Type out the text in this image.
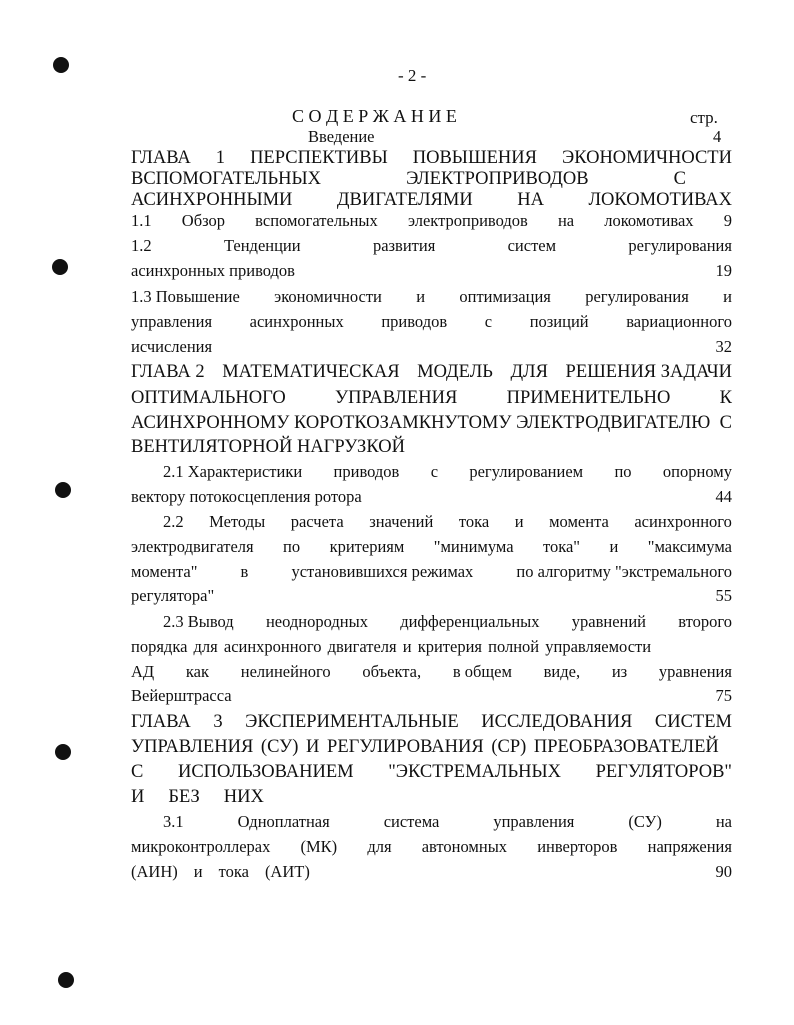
- 2 -
С О Д Е Р Ж А Н И Е	стр.
Введение	4
ГЛАВА 1 ПЕРСПЕКТИВЫ ПОВЫШЕНИЯ ЭКОНОМИЧНОСТИ
ВСПОМОГАТЕЛЬНЫХ	ЭЛЕКТРОПРИВОДОВ	С
АСИНХРОННЫМИ ДВИГАТЕЛЯМИ НА ЛОКОМОТИВАХ
1.1 Обзор вспомогательных электроприводов на локомотивах 9
1.2	Тенденции	развития	систем	регулирования
асинхронных приводов	19
1.3 Повышение экономичности и оптимизация регулирования и
управления асинхронных приводов с позиций вариационного
исчисления	32
ГЛАВА 2 МАТЕМАТИЧЕСКАЯ МОДЕЛЬ ДЛЯ РЕШЕНИЯ ЗАДАЧИ
ОПТИМАЛЬНОГО	УПРАВЛЕНИЯ	ПРИМЕНИТЕЛЬНО	К
АСИНХРОННОМУ КОРОТКОЗАМКНУТОМУ ЭЛЕКТРОДВИГАТЕЛЮ С
ВЕНТИЛЯТОРНОЙ НАГРУЗКОЙ
2.1 Характеристики приводов с регулированием по опорному
вектору потокосцепления ротора	44
2.2 Методы расчета значений тока и момента асинхронного
электродвигателя по критериям "минимума тока" и "максимума
момента"	в	установившихся режимах	по алгоритму "экстремального
регулятора"	55
2.3 Вывод неоднородных дифференциальных уравнений второго
порядка для асинхронного двигателя и критерия полной управляемости
АД как нелинейного объекта, в общем виде, из уравнения
Вейерштрасса	75
ГЛАВА 3 ЭКСПЕРИМЕНТАЛЬНЫЕ ИССЛЕДОВАНИЯ СИСТЕМ
УПРАВЛЕНИЯ (СУ) И РЕГУЛИРОВАНИЯ (СР) ПРЕОБРАЗОВАТЕЛЕЙ
С ИСПОЛЬЗОВАНИЕМ "ЭКСТРЕМАЛЬНЫХ РЕГУЛЯТОРОВ"
И БЕЗ НИХ
3.1	Одноплатная	система	управления	(СУ)	на
микроконтроллерах (МК) для автономных инверторов напряжения
(АИН) и тока (АИТ)	90
